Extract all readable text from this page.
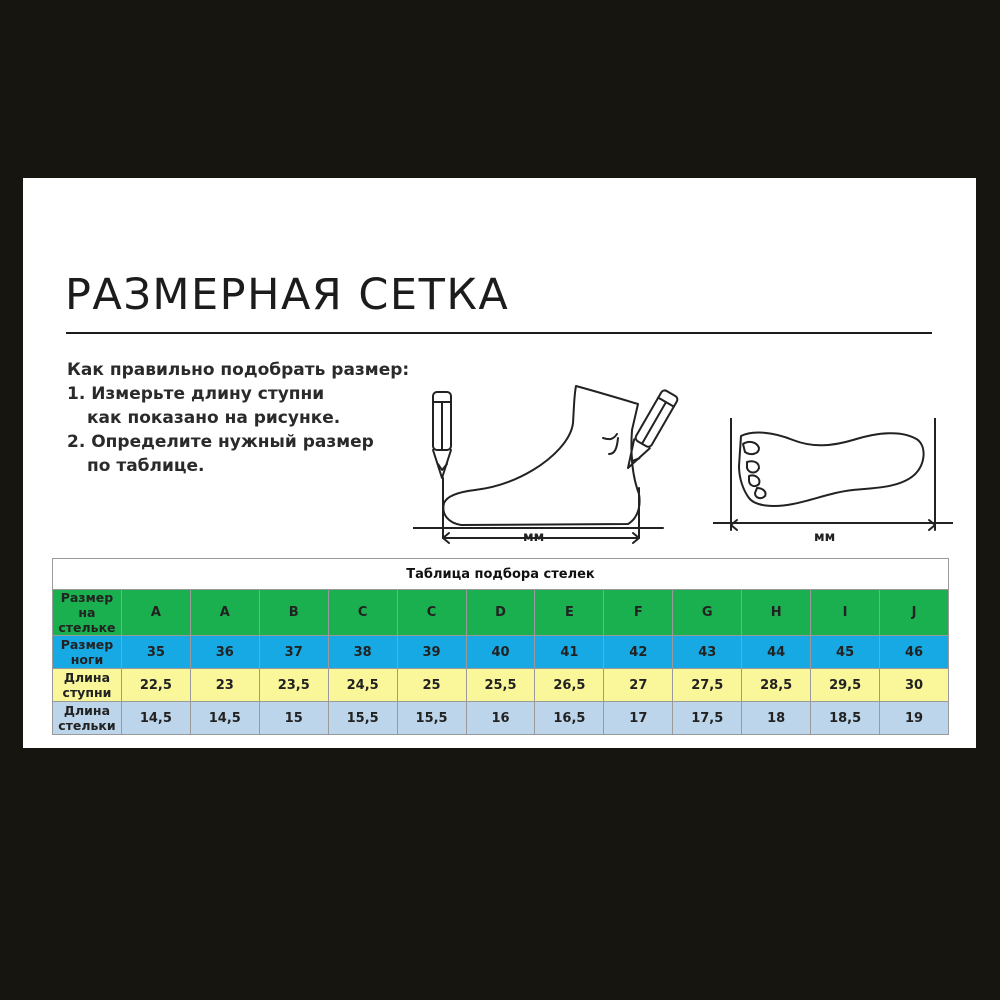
РАЗМЕРНАЯ СЕТКА
Как правильно подобрать размер:
1. Измерьте длину ступни
как показано на рисунке.
2. Определите нужный размер
по таблице.
мм	мм
Таблица подбора стелек												
Размер на стельке	A	A	B	C	C	D	E	F	G	H	I	J
Размер ноги	35	36	37	38	39	40	41	42	43	44	45	46
Длина ступни	22,5	23	23,5	24,5	25	25,5	26,5	27	27,5	28,5	29,5	30
Длина стельки	14,5	14,5	15	15,5	15,5	16	16,5	17	17,5	18	18,5	19
